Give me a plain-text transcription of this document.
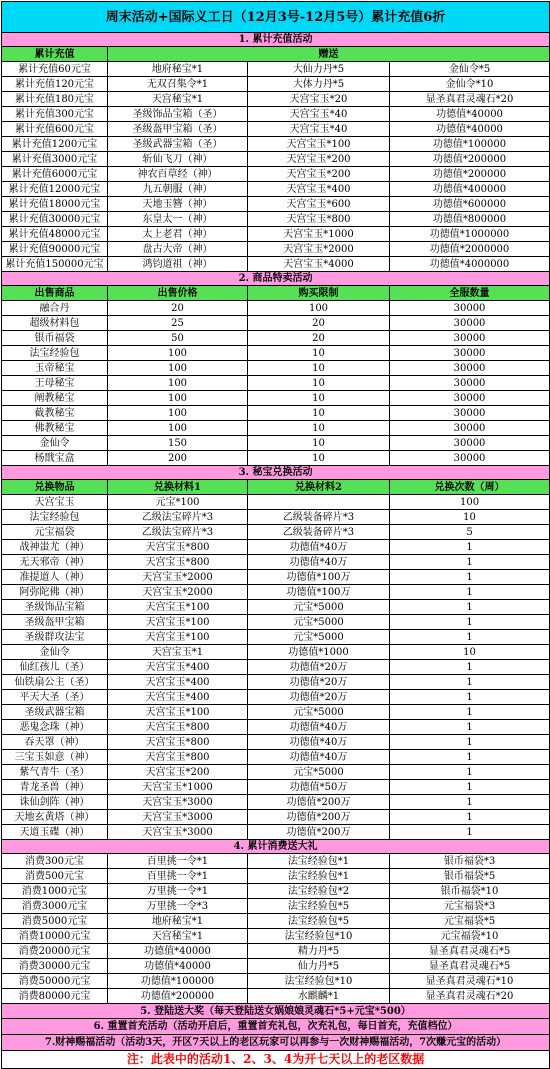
周末活动+国际义工日（12月3号-12月5号）累计充值6折			
1. 累计充值活动			
累计充值	赠送		
累计充值60元宝	地府秘宝*1	大仙力丹*5	金仙令*5
累计充值120元宝	无双召集令*1	大体力丹*5	金仙令*10
累计充值180元宝	天宫秘宝*1	天宫宝玉*20	显圣真君灵魂石*20
累计充值300元宝	圣级饰品宝箱（圣）	天宫宝玉*40	功德值*40000
累计充值600元宝	圣级盔甲宝箱（圣）	天宫宝玉*40	功德值*40000
累计充值1200元宝	圣级武器宝箱（圣）	天宫宝玉*100	功德值*100000
累计充值3000元宝	斩仙飞刀（神）	天宫宝玉*200	功德值*200000
累计充值6000元宝	神农百草经（神）	天宫宝玉*200	功德值*200000
累计充值12000元宝	九五朝服（神）	天宫宝玉*400	功德值*400000
累计充值18000元宝	天地玉簪（神）	天宫宝玉*600	功德值*600000
累计充值30000元宝	东皇太一（神）	天宫宝玉*800	功德值*800000
累计充值48000元宝	太上老君（神）	天宫宝玉*1000	功德值*1000000
累计充值90000元宝	盘古大帝（神）	天宫宝玉*2000	功德值*2000000
累计充值150000元宝	鸿钧道祖（神）	天宫宝玉*4000	功德值*4000000
2. 商品特卖活动			
出售商品	出售价格	购买限制	全服数量
融合丹	20	100	30000
超级材料包	25	20	30000
银币福袋	50	20	30000
法宝经验包	100	10	30000
玉帝秘宝	100	10	30000
王母秘宝	100	10	30000
阐教秘宝	100	10	30000
截教秘宝	100	10	30000
佛教秘宝	100	10	30000
金仙令	150	10	30000
杨戬宝盒	200	10	30000
3. 秘宝兑换活动			
兑换物品	兑换材料1	兑换材料2	兑换次数（周）
天宫宝玉	元宝*100		100
法宝经验包	乙级法宝碎片*3	乙级装备碎片*3	10
元宝福袋	乙级法宝碎片*3	乙级装备碎片*3	5
战神蚩尤（神）	天宫宝玉*800	功德值*40万	1
无天邪帝（神）	天宫宝玉*800	功德值*40万	1
准提道人（神）	天宫宝玉*2000	功德值*100万	1
阿弥陀佛（神）	天宫宝玉*2000	功德值*100万	1
圣级饰品宝箱	天宫宝玉*100	元宝*5000	1
圣级盔甲宝箱	天宫宝玉*100	元宝*5000	1
圣级群攻法宝	天宫宝玉*100	元宝*5000	1
金仙令	天宫宝玉*1	功德值*1000	10
仙红孩儿（圣）	天宫宝玉*400	功德值*20万	1
仙铁扇公主（圣）	天宫宝玉*400	功德值*20万	1
平天大圣（圣）	天宫宝玉*400	功德值*20万	1
圣级武器宝箱	天宫宝玉*100	元宝*5000	1
恶鬼念珠（神）	天宫宝玉*800	功德值*40万	1
吞天罩（神）	天宫宝玉*800	功德值*40万	1
三宝玉如意（神）	天宫宝玉*800	功德值*40万	1
紫气青牛（圣）	天宫宝玉*200	元宝*5000	1
青龙圣兽（神）	天宫宝玉*1000	功德值*50万	1
诛仙剑阵（神）	天宫宝玉*3000	功德值*200万	1
天地玄黄塔（神）	天宫宝玉*3000	功德值*200万	1
天道玉碟（神）	天宫宝玉*3000	功德值*200万	1
4. 累计消费送大礼			
消费300元宝	百里挑一令*1	法宝经验包*1	银币福袋*3
消费500元宝	百里挑一令*1	法宝经验包*1	银币福袋*5
消费1000元宝	万里挑一令*1	法宝经验包*2	银币福袋*10
消费3000元宝	万里挑一令*3	法宝经验包*5	元宝福袋*3
消费5000元宝	地府秘宝*1	法宝经验包*5	元宝福袋*5
消费10000元宝	天宫秘宝*1	法宝经验包*10	元宝福袋*10
消费20000元宝	功德值*40000	精力丹*5	显圣真君灵魂石*5
消费30000元宝	功德值*40000	仙力丹*5	显圣真君灵魂石*5
消费50000元宝	功德值*100000	法宝经验包*10	显圣真君灵魂石*10
消费80000元宝	功德值*200000	水麒麟*1	显圣真君灵魂石*20
5. 登陆送大奖（每天登陆送女娲娘娘灵魂石*5+元宝*500）			
6. 重置首充活动（活动开启后，重置首充礼包，次充礼包，每日首充，充值档位）			
7.财神赐福活动（活动3天，开区7天以上的老区玩家可以再参与一次财神赐福活动，7次赚元宝的活动）			
注：此表中的活动1、2、3、4为开七天以上的老区数据			
